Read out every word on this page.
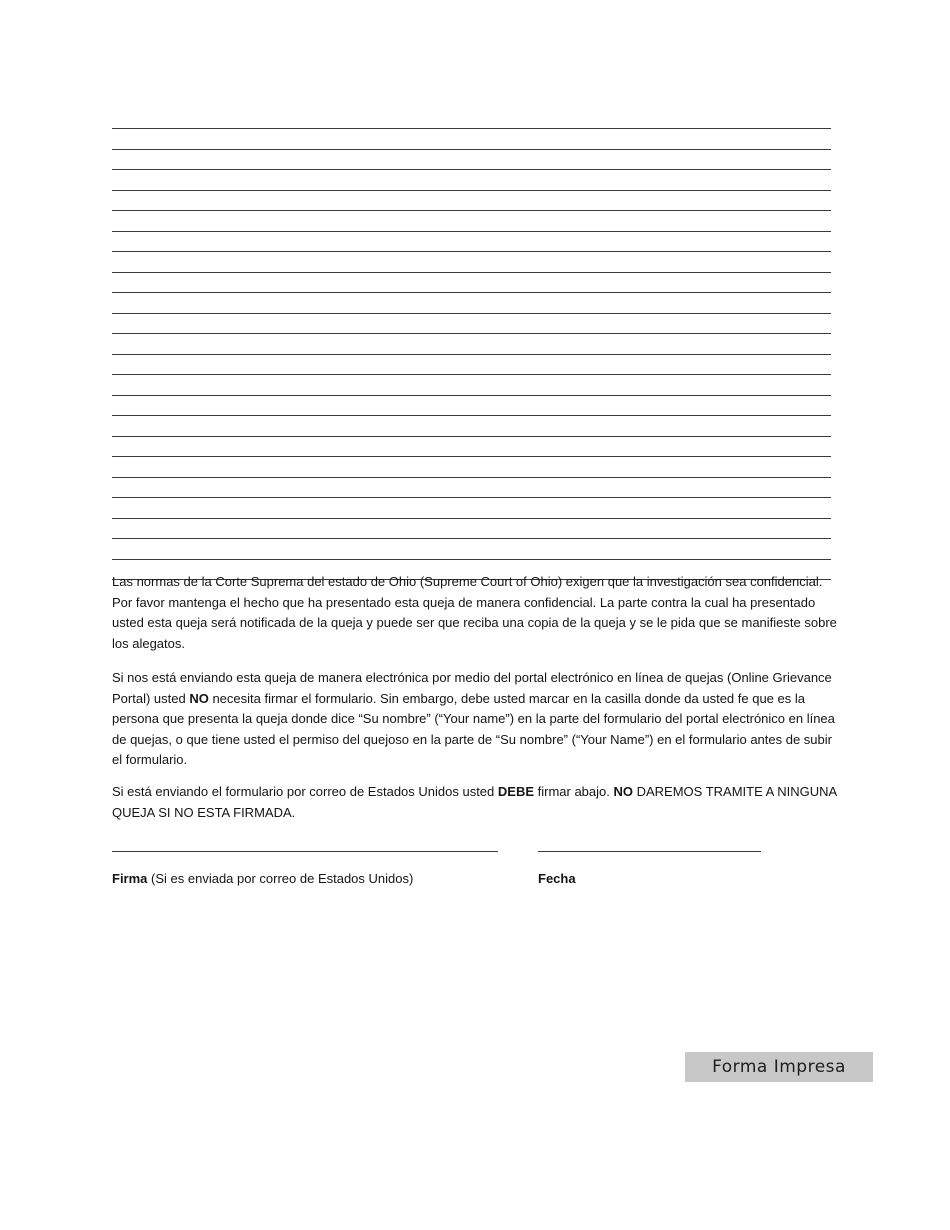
Las normas de la Corte Suprema del estado de Ohio (Supreme Court of Ohio) exigen que la investigación sea confidencial. Por favor mantenga el hecho que ha presentado esta queja de manera confidencial. La parte contra la cual ha presentado usted esta queja será notificada de la queja y puede ser que reciba una copia de la queja y se le pida que se manifieste sobre los alegatos.

Si nos está enviando esta queja de manera electrónica por medio del portal electrónico en línea de quejas (Online Grievance Portal) usted NO necesita firmar el formulario. Sin embargo, debe usted marcar en la casilla donde da usted fe que es la persona que presenta la queja donde dice “Su nombre” (“Your name”) en la parte del formulario del portal electrónico en línea de quejas, o que tiene usted el permiso del quejoso en la parte de “Su nombre” (“Your Name”) en el formulario antes de subir el formulario.

Si está enviando el formulario por correo de Estados Unidos usted DEBE firmar abajo. NO DAREMOS TRAMITE A NINGUNA QUEJA SI NO ESTA FIRMADA.

Firma (Si es enviada por correo de Estados Unidos)	Fecha
Forma Impresa
